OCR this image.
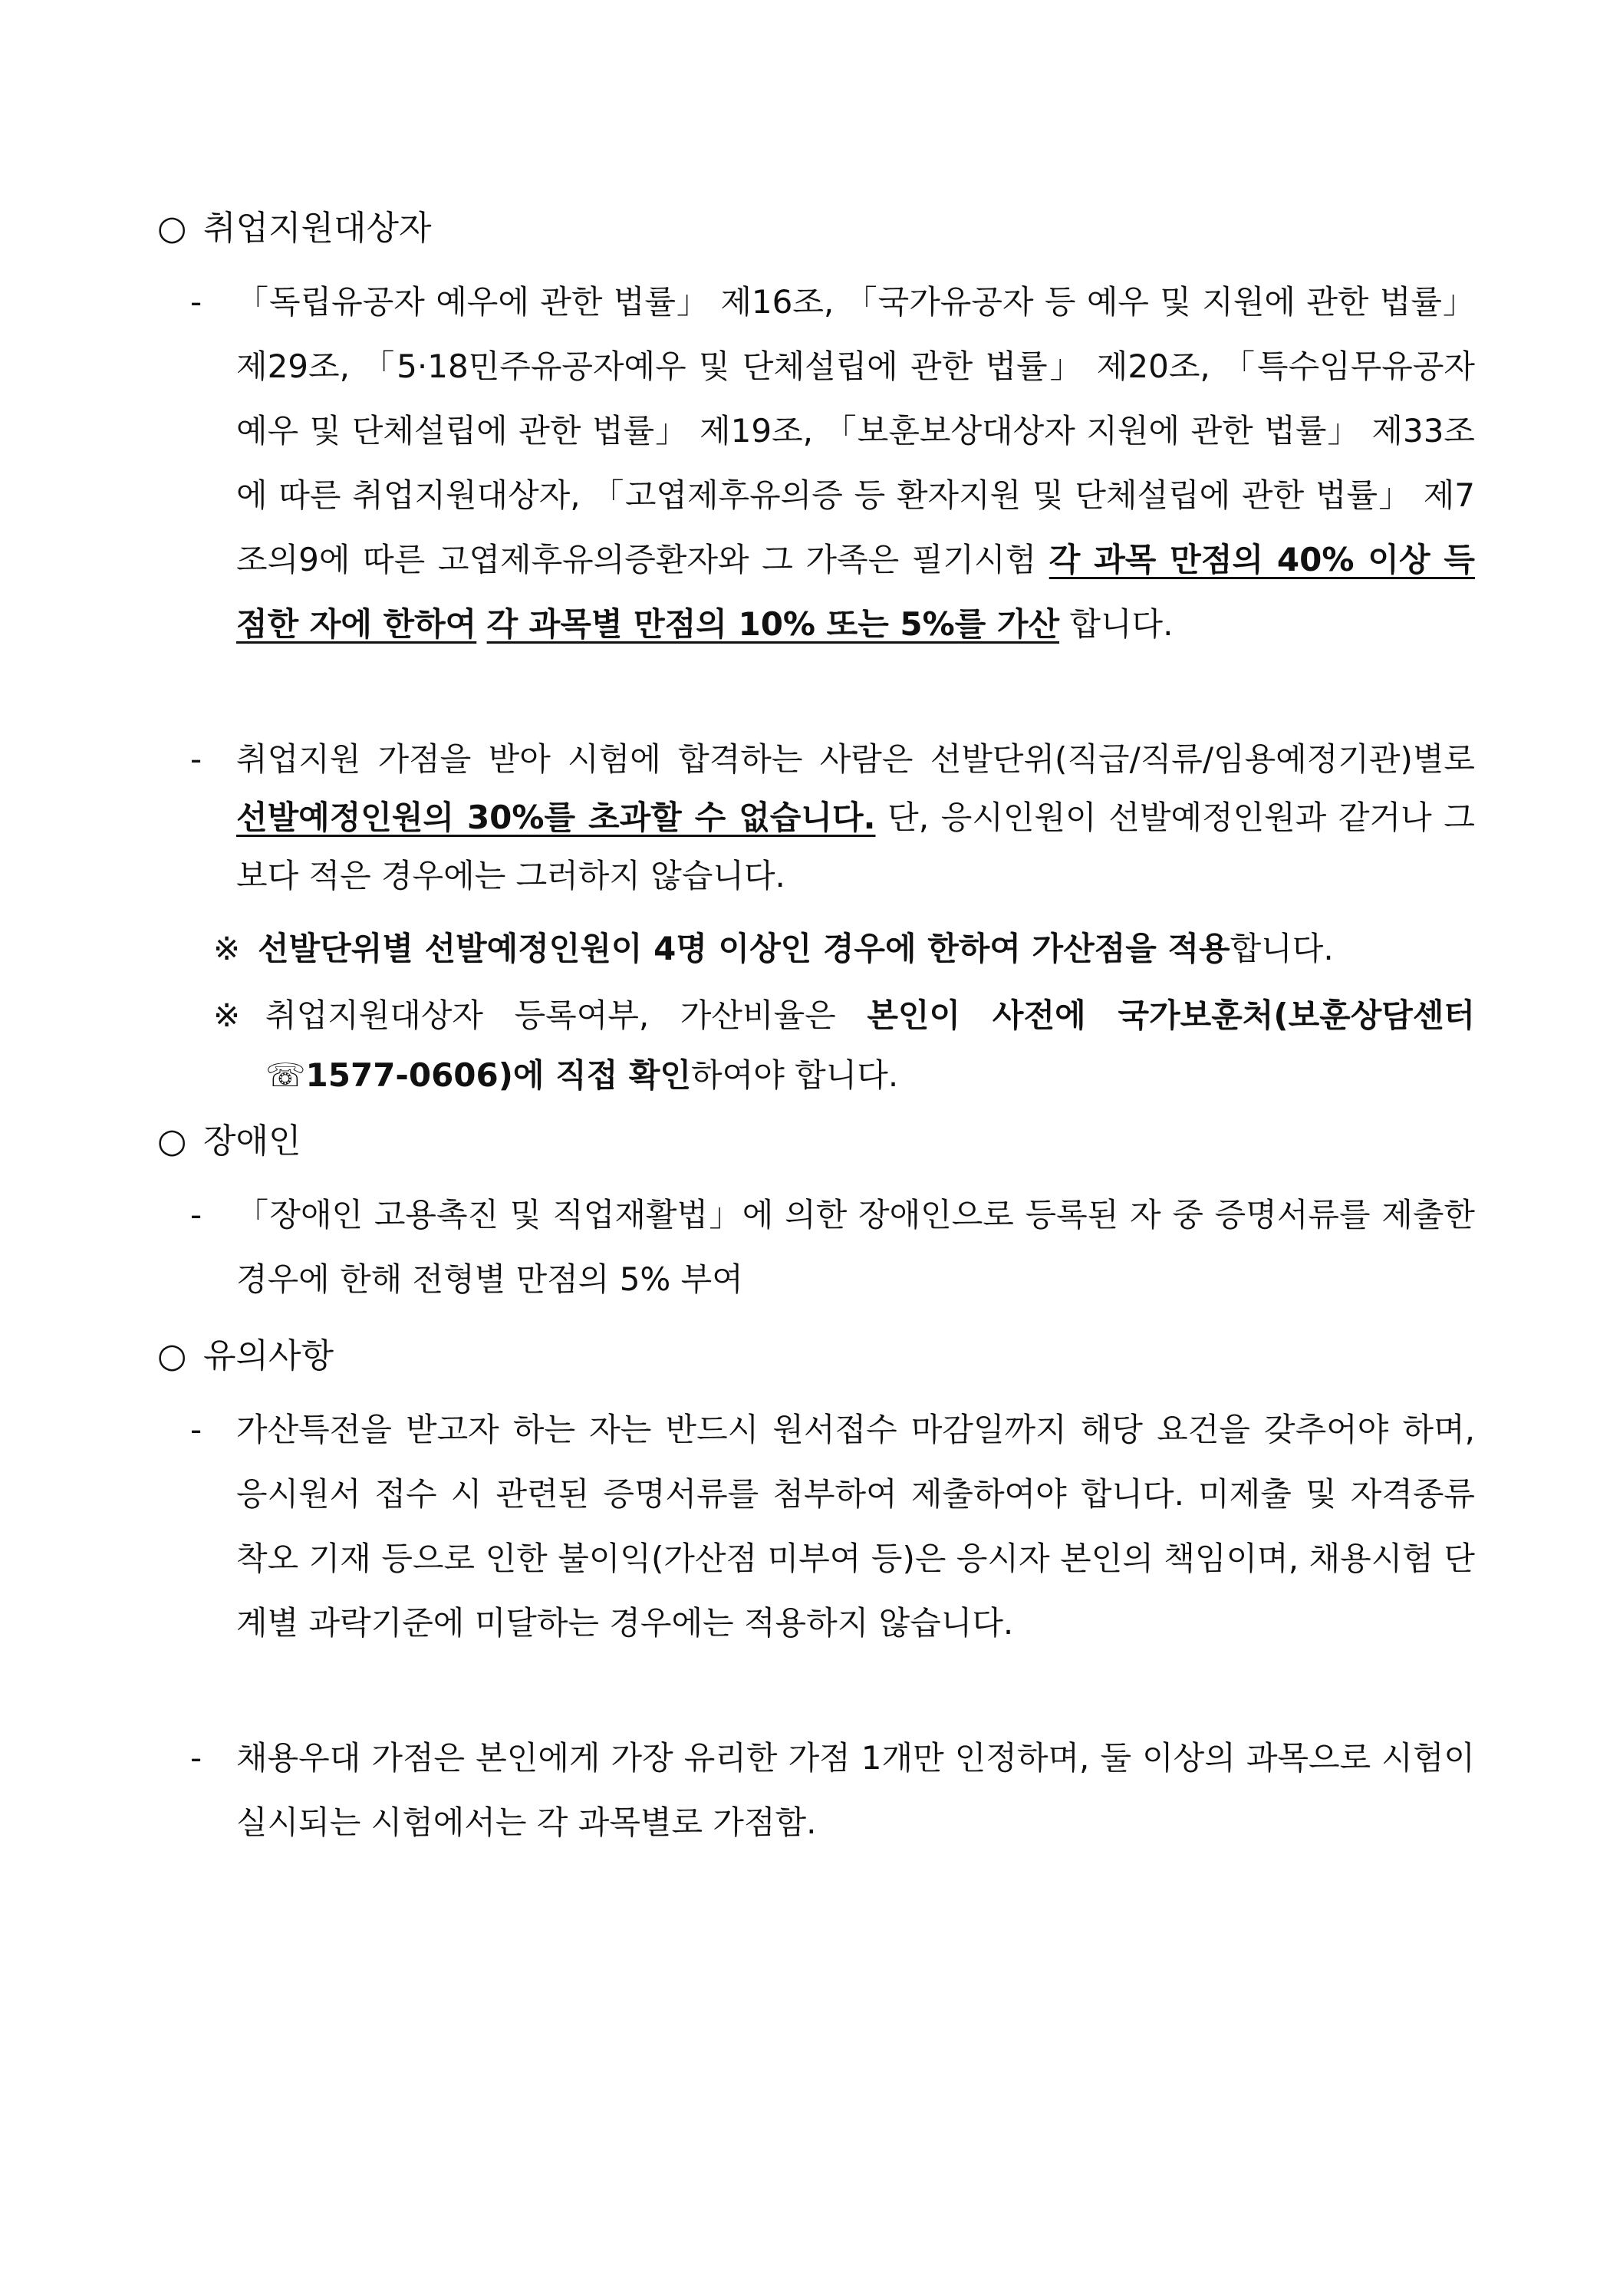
○ 취업지원대상자
- 「독립유공자 예우에 관한 법률」 제16조, 「국가유공자 등 예우 및 지원에 관한 법률」 제29조, 「5·18민주유공자예우 및 단체설립에 관한 법률」 제20조, 「특수임무유공자 예우 및 단체설립에 관한 법률」 제19조, 「보훈보상대상자 지원에 관한 법률」 제33조에 따른 취업지원대상자, 「고엽제후유의증 등 환자지원 및 단체설립에 관한 법률」 제7조의9에 따른 고엽제후유의증환자와 그 가족은 필기시험 각 과목 만점의 40% 이상 득점한 자에 한하여 각 과목별 만점의 10% 또는 5%를 가산 합니다.
- 취업지원 가점을 받아 시험에 합격하는 사람은 선발단위(직급/직류/임용예정기관)별로 선발예정인원의 30%를 초과할 수 없습니다. 단, 응시인원이 선발예정인원과 같거나 그보다 적은 경우에는 그러하지 않습니다.
※ 선발단위별 선발예정인원이 4명 이상인 경우에 한하여 가산점을 적용합니다.
※ 취업지원대상자 등록여부, 가산비율은 본인이 사전에 국가보훈처(보훈상담센터 ☏1577-0606)에 직접 확인하여야 합니다.
○ 장애인
- 「장애인 고용촉진 및 직업재활법」에 의한 장애인으로 등록된 자 중 증명서류를 제출한 경우에 한해 전형별 만점의 5% 부여
○ 유의사항
- 가산특전을 받고자 하는 자는 반드시 원서접수 마감일까지 해당 요건을 갖추어야 하며, 응시원서 접수 시 관련된 증명서류를 첨부하여 제출하여야 합니다. 미제출 및 자격종류 착오 기재 등으로 인한 불이익(가산점 미부여 등)은 응시자 본인의 책임이며, 채용시험 단계별 과락기준에 미달하는 경우에는 적용하지 않습니다.
- 채용우대 가점은 본인에게 가장 유리한 가점 1개만 인정하며, 둘 이상의 과목으로 시험이 실시되는 시험에서는 각 과목별로 가점함.
